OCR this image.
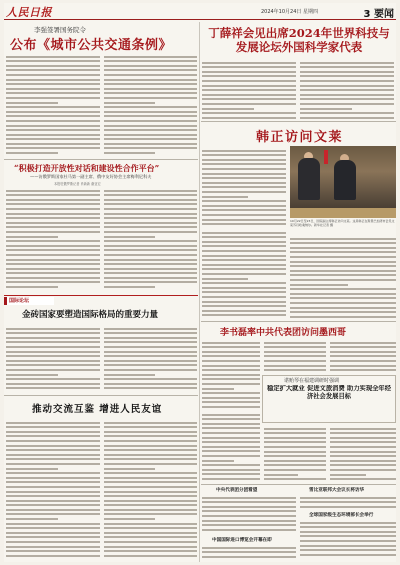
人民日报	2024年10月24日 星期四	3 要闻
李强签署国务院令
公布《城市公共交通条例》
“积极打造开放性对话和建设性合作平台”
——访俄罗斯国家杜马第一副主席、俄中友好协会主席梅利尼科夫
本报驻俄罗斯记者 肖新新 谢亚宏
国际论坛
金砖国家要塑造国际格局的重要力量
推动交流互鉴 增进人民友谊
丁薛祥会见出席2024年世界科技与发展论坛外国科学家代表
韩正访问文莱
10月22日至23日，国家副主席韩正访问文莱。这是韩正在斯里巴加湾市会见文莱苏丹哈桑纳尔。新华社记者 摄
李书磊率中共代表团访问墨西哥
谌贻琴在福建调研时强调
稳定扩大就业 促进文旅消费 助力实现全年经济社会发展目标
中央代表团分团看望	雪比亚联邦大会议长将访华
全球国家级生态环境部长会举行
中国国际进口博览会开幕在即
